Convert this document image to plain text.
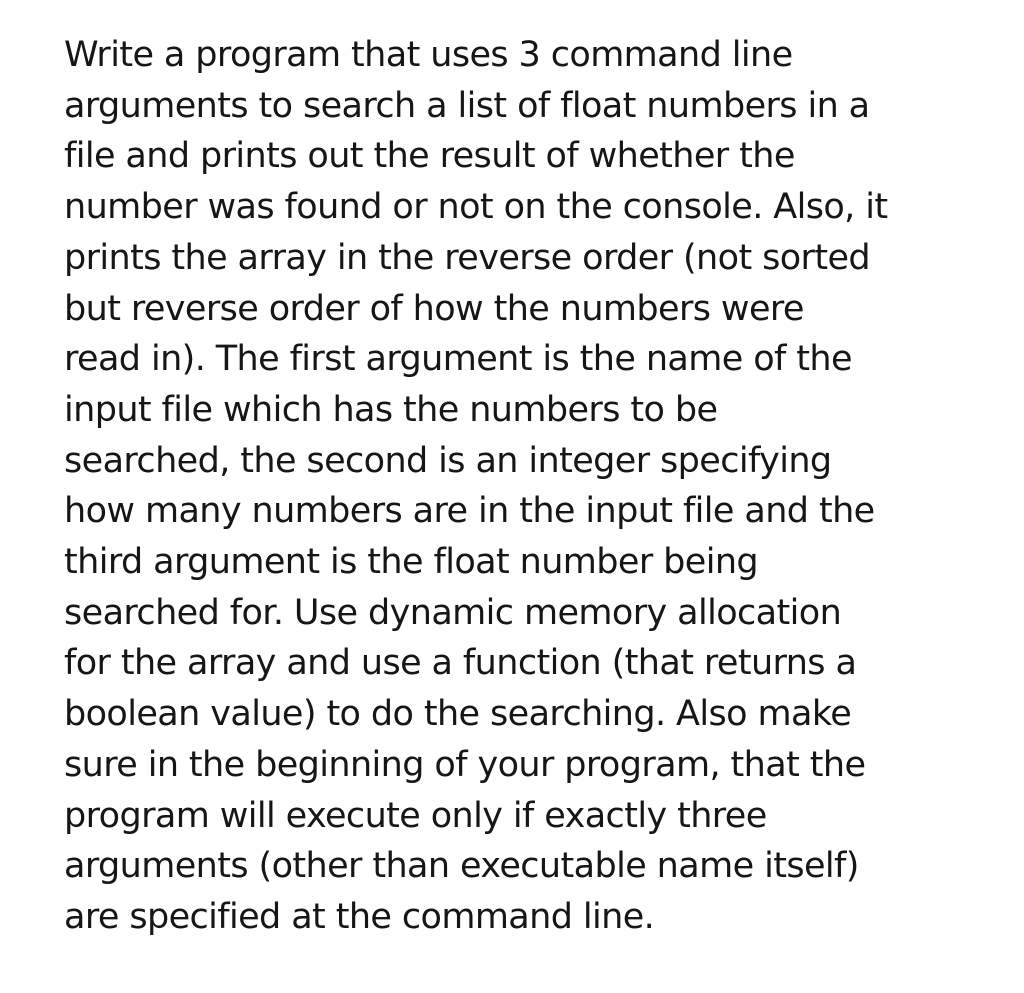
Write a program that uses 3 command line
arguments to search a list of float numbers in a
file and prints out the result of whether the
number was found or not on the console. Also, it
prints the array in the reverse order (not sorted
but reverse order of how the numbers were
read in). The first argument is the name of the
input file which has the numbers to be
searched, the second is an integer specifying
how many numbers are in the input file and the
third argument is the float number being
searched for. Use dynamic memory allocation
for the array and use a function (that returns a
boolean value) to do the searching. Also make
sure in the beginning of your program, that the
program will execute only if exactly three
arguments (other than executable name itself)
are specified at the command line.
